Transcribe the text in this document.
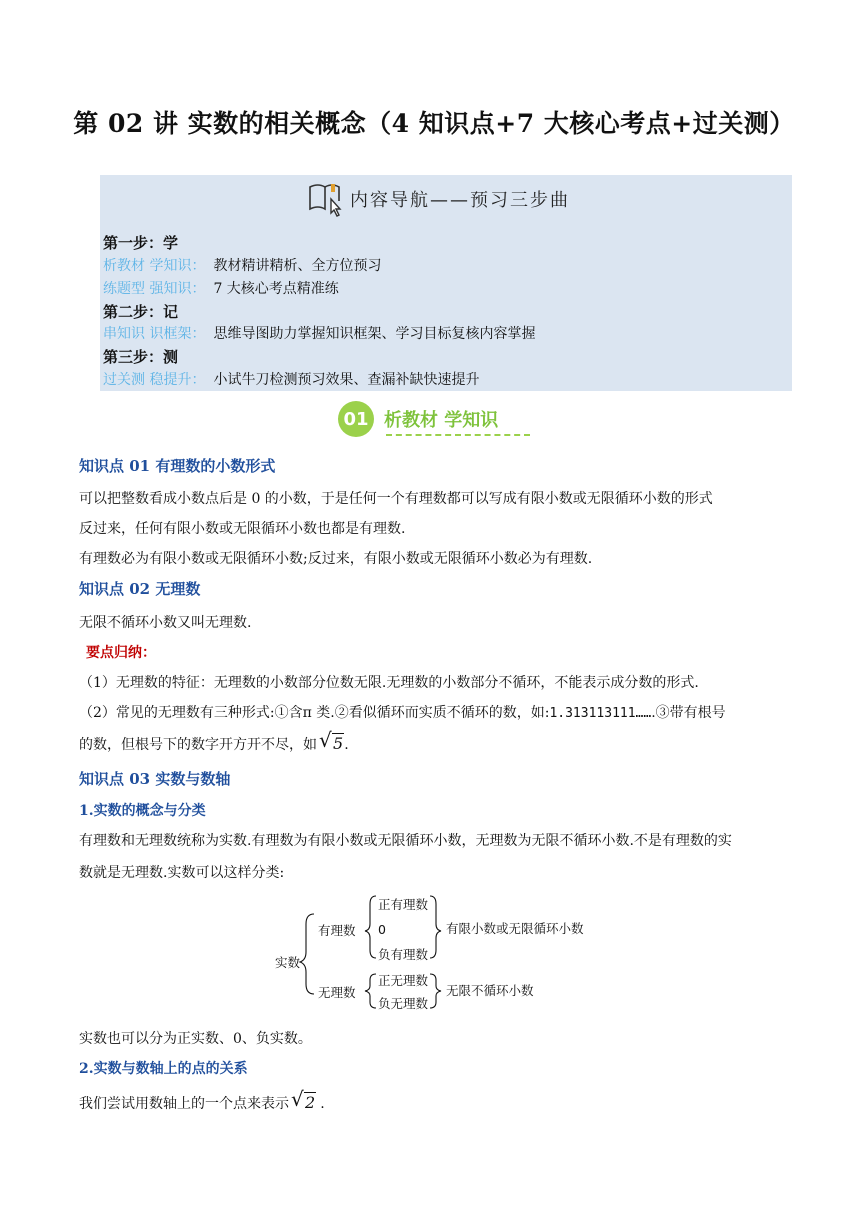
第 02 讲 实数的相关概念（4 知识点+7 大核心考点+过关测）
内容导航——预习三步曲
第一步：学
析教材 学知识： 教材精讲精析、全方位预习
练题型 强知识： 7 大核心考点精准练
第二步：记
串知识 识框架： 思维导图助力掌握知识框架、学习目标复核内容掌握
第三步：测
过关测 稳提升： 小试牛刀检测预习效果、查漏补缺快速提升
01 析教材 学知识
知识点 01 有理数的小数形式
可以把整数看成小数点后是 0 的小数，于是任何一个有理数都可以写成有限小数或无限循环小数的形式
反过来，任何有限小数或无限循环小数也都是有理数.
有理数必为有限小数或无限循环小数;反过来，有限小数或无限循环小数必为有理数.
知识点 02 无理数
无限不循环小数又叫无理数.
要点归纳：
（1）无理数的特征：无理数的小数部分位数无限.无理数的小数部分不循环，不能表示成分数的形式.
（2）常见的无理数有三种形式:①含π 类.②看似循环而实质不循环的数，如:1.313113111…….③带有根号
的数，但根号下的数字开方开不尽，如 √ 5.
知识点 03 实数与数轴
1.实数的概念与分类
有理数和无理数统称为实数.有理数为有限小数或无限循环小数，无理数为无限不循环小数.不是有理数的实
数就是无理数.实数可以这样分类:
实数
有理数
无理数
正有理数
0
负有理数
有限小数或无限循环小数
正无理数
负无理数
无限不循环小数
实数也可以分为正实数、0、负实数。
2.实数与数轴上的点的关系
我们尝试用数轴上的一个点来表示 √ 2 .
